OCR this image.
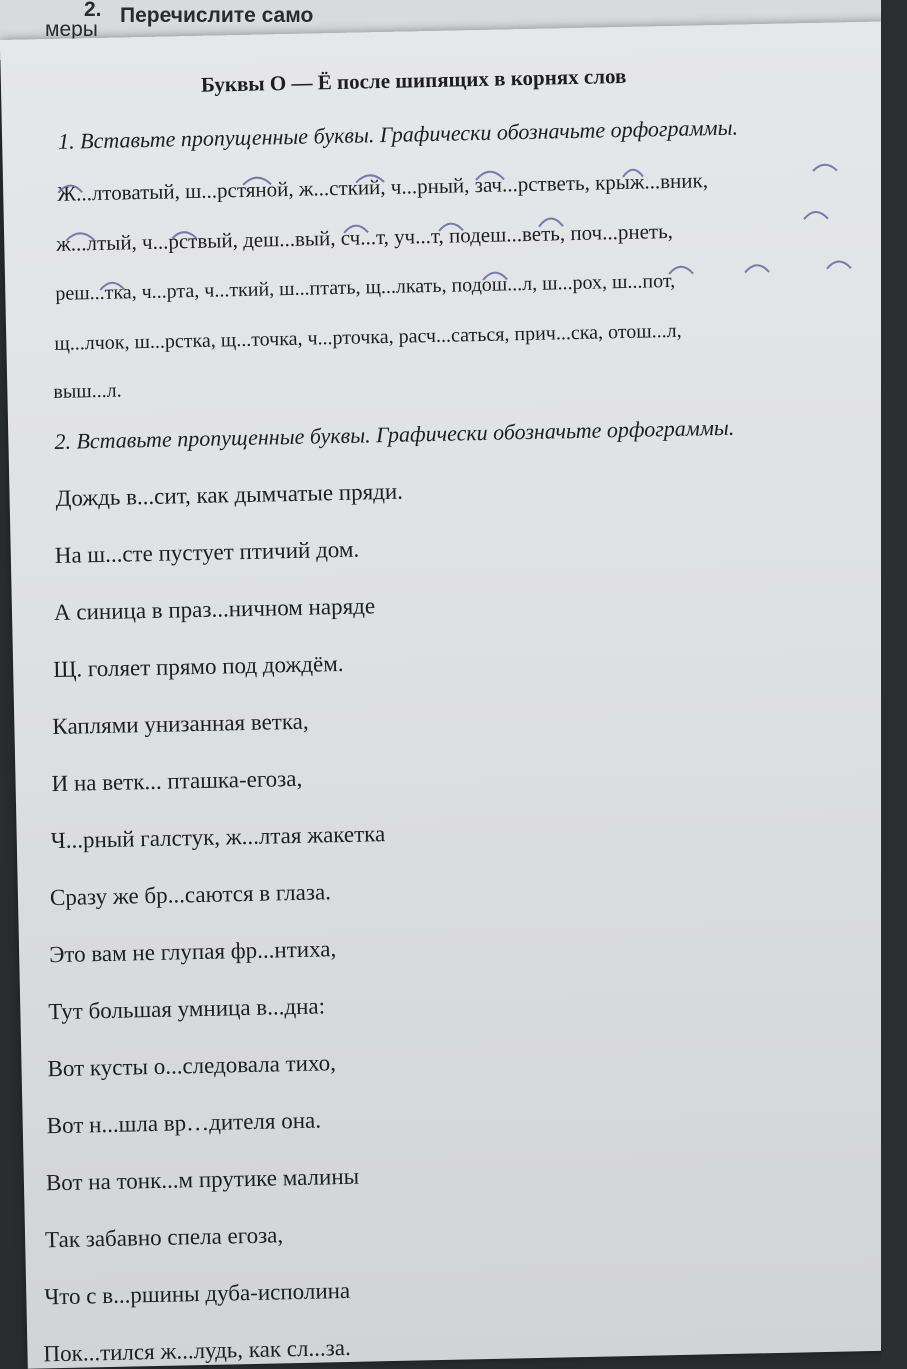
2. Перечислите само
меры
Буквы О — Ё после шипящих в корнях слов
1. Вставьте пропущенные буквы. Графически обозначьте орфограммы.
Ж...лтоватый, ш...рстяной, ж...сткий, ч...рный, зач...рстветь, крыж...вник,
ж...лтый, ч...рствый, деш...вый, сч...т, уч...т, подеш...веть, поч...рнеть,
реш...тка, ч...рта, ч...ткий, ш...птать, щ...лкать, подош...л, ш...рох, ш...пот,
щ...лчок, ш...рстка, щ...точка, ч...рточка, расч...саться, прич...ска, отош...л,
выш...л.
2. Вставьте пропущенные буквы. Графически обозначьте орфограммы.
Дождь в...сит, как дымчатые пряди.
На ш...сте пустует птичий дом.
А синица в праз...ничном наряде
Щ. голяет прямо под дождём.
Каплями унизанная ветка,
И на ветк... пташка-егоза,
Ч...рный галстук, ж...лтая жакетка
Сразу же бр...саются в глаза.
Это вам не глупая фр...нтиха,
Тут большая умница в...дна:
Вот кусты о...следовала тихо,
Вот н...шла вр…дителя она.
Вот на тонк...м прутике малины
Так забавно спела егоза,
Что с в...ршины дуба-исполина
Пок...тился ж...лудь, как сл...за.
